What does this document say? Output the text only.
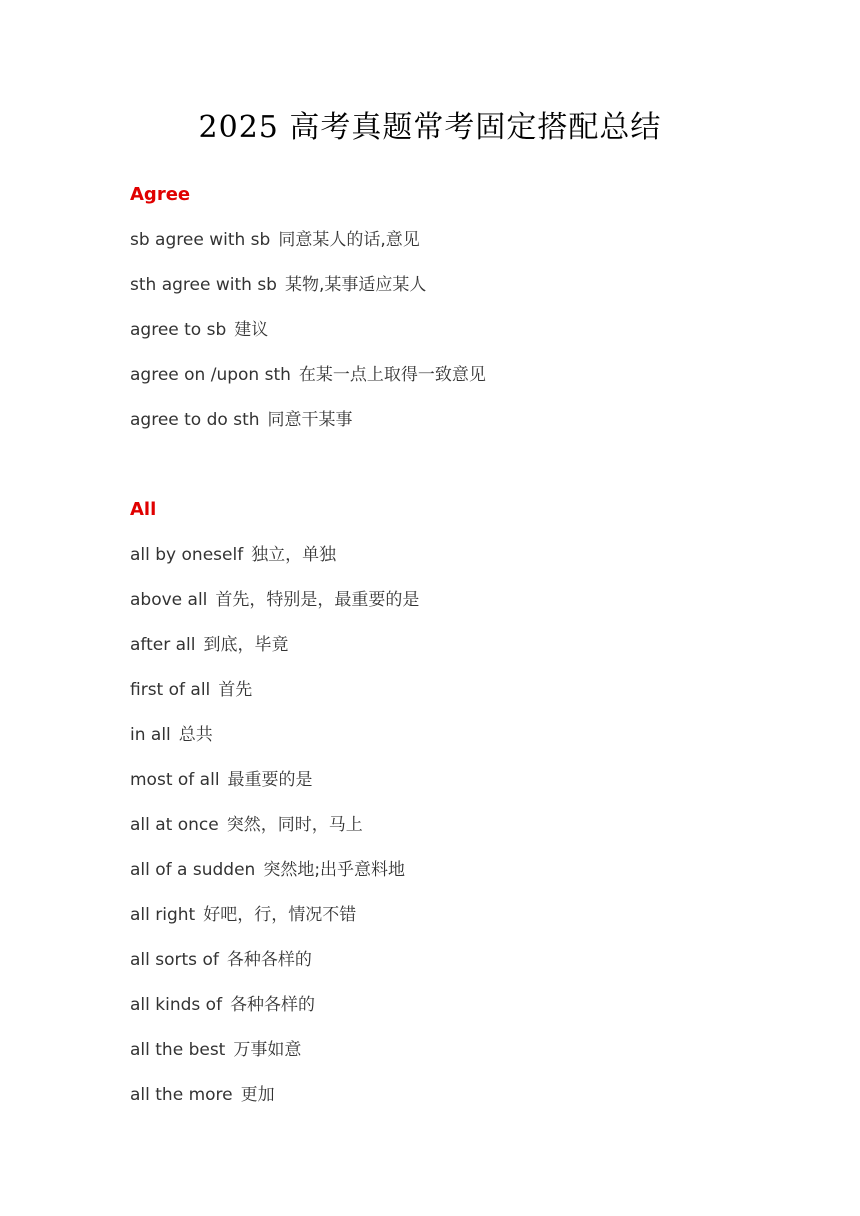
2025 高考真题常考固定搭配总结
Agree
sb agree with sb 同意某人的话,意见
sth agree with sb 某物,某事适应某人
agree to sb 建议
agree on /upon sth 在某一点上取得一致意见
agree to do sth 同意干某事
All
all by oneself 独立，单独
above all 首先，特别是，最重要的是
after all 到底，毕竟
first of all 首先
in all 总共
most of all 最重要的是
all at once 突然，同时，马上
all of a sudden 突然地;出乎意料地
all right 好吧，行，情况不错
all sorts of 各种各样的
all kinds of 各种各样的
all the best 万事如意
all the more 更加
